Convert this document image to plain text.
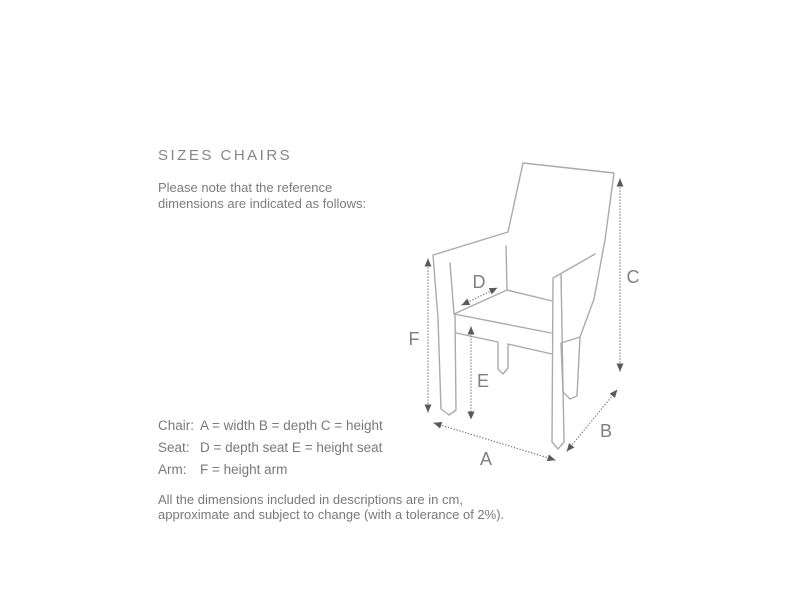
SIZES CHAIRS
Please note that the reference
dimensions are indicated as follows:
A
B
C
D
E
F
Chair: A = width B = depth C = height
Seat: D = depth seat E = height seat
Arm: F = height arm
All the dimensions included in descriptions are in cm,
approximate and subject to change (with a tolerance of 2%).
